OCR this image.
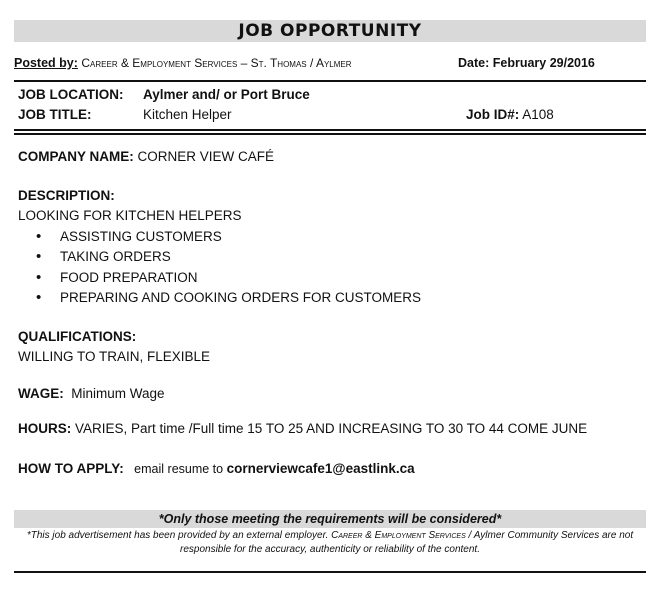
JOB OPPORTUNITY
Posted by: Career & Employment Services – St. Thomas / Aylmer	Date: February 29/2016
JOB LOCATION: Aylmer and/ or Port Bruce
JOB TITLE:	Kitchen Helper	Job ID#: A108
COMPANY NAME: CORNER VIEW CAFÉ
DESCRIPTION:
LOOKING FOR KITCHEN HELPERS
• ASSISTING CUSTOMERS
• TAKING ORDERS
• FOOD PREPARATION
• PREPARING AND COOKING ORDERS FOR CUSTOMERS
QUALIFICATIONS:
WILLING TO TRAIN, FLEXIBLE
WAGE:  Minimum Wage
HOURS: VARIES, Part time /Full time 15 TO 25 AND INCREASING TO 30 TO 44 COME JUNE
HOW TO APPLY:   email resume to cornerviewcafe1@eastlink.ca
*Only those meeting the requirements will be considered*
*This job advertisement has been provided by an external employer. Career & Employment Services / Aylmer Community Services are not responsible for the accuracy, authenticity or reliability of the content.
